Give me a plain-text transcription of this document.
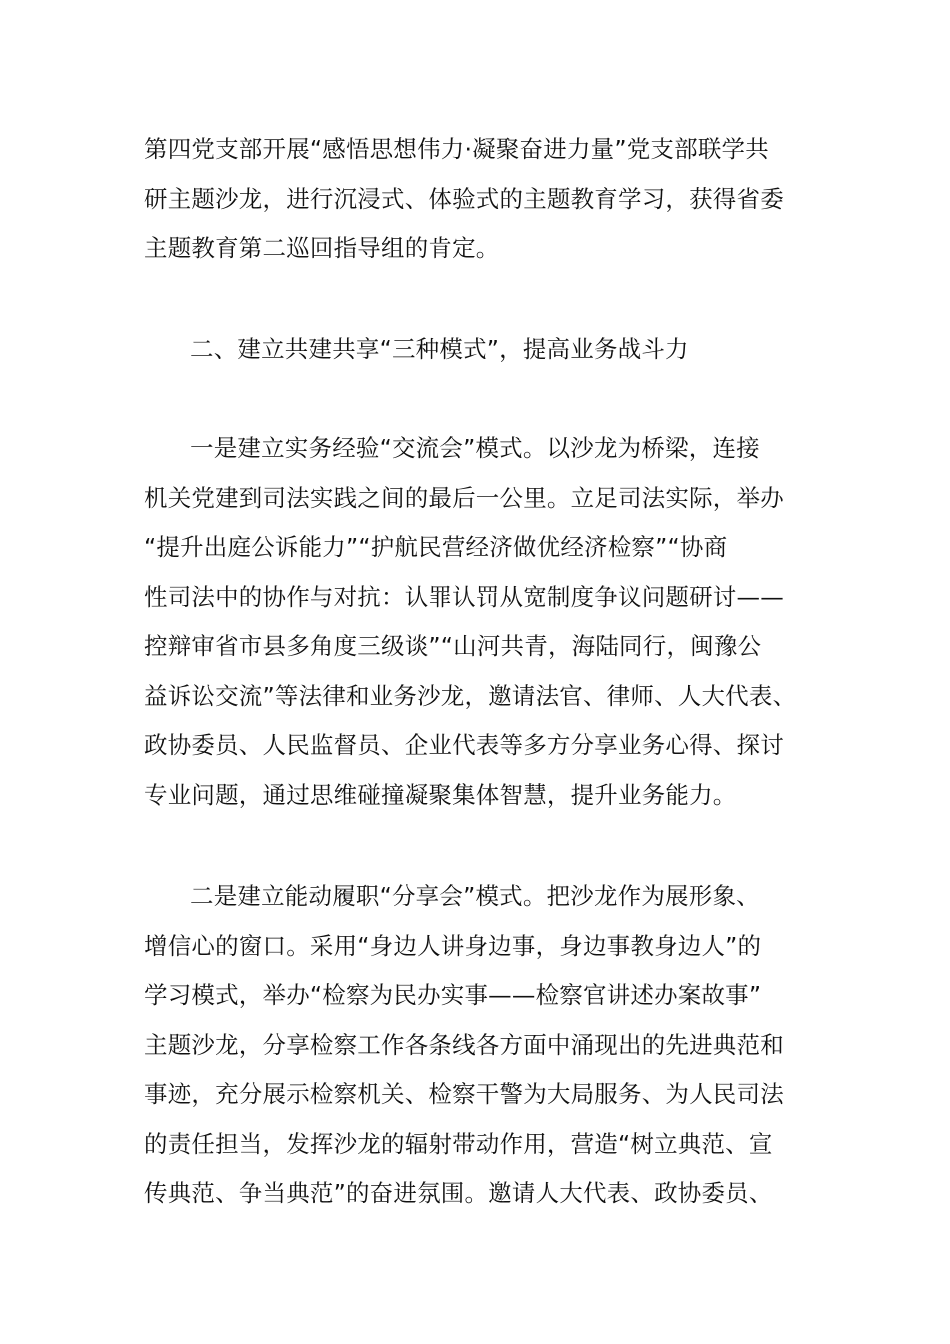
第四党支部开展“感悟思想伟力·凝聚奋进力量”党支部联学共
研主题沙龙，进行沉浸式、体验式的主题教育学习，获得省委
主题教育第二巡回指导组的肯定。

二、建立共建共享“三种模式”，提高业务战斗力

一是建立实务经验“交流会”模式。以沙龙为桥梁，连接
机关党建到司法实践之间的最后一公里。立足司法实际，举办
“提升出庭公诉能力”“护航民营经济做优经济检察”“协商
性司法中的协作与对抗：认罪认罚从宽制度争议问题研讨——
控辩审省市县多角度三级谈”“山河共青，海陆同行，闽豫公
益诉讼交流”等法律和业务沙龙，邀请法官、律师、人大代表、
政协委员、人民监督员、企业代表等多方分享业务心得、探讨
专业问题，通过思维碰撞凝聚集体智慧，提升业务能力。

二是建立能动履职“分享会”模式。把沙龙作为展形象、
增信心的窗口。采用“身边人讲身边事，身边事教身边人”的
学习模式，举办“检察为民办实事——检察官讲述办案故事”
主题沙龙，分享检察工作各条线各方面中涌现出的先进典范和
事迹，充分展示检察机关、检察干警为大局服务、为人民司法
的责任担当，发挥沙龙的辐射带动作用，营造“树立典范、宣
传典范、争当典范”的奋进氛围。邀请人大代表、政协委员、
